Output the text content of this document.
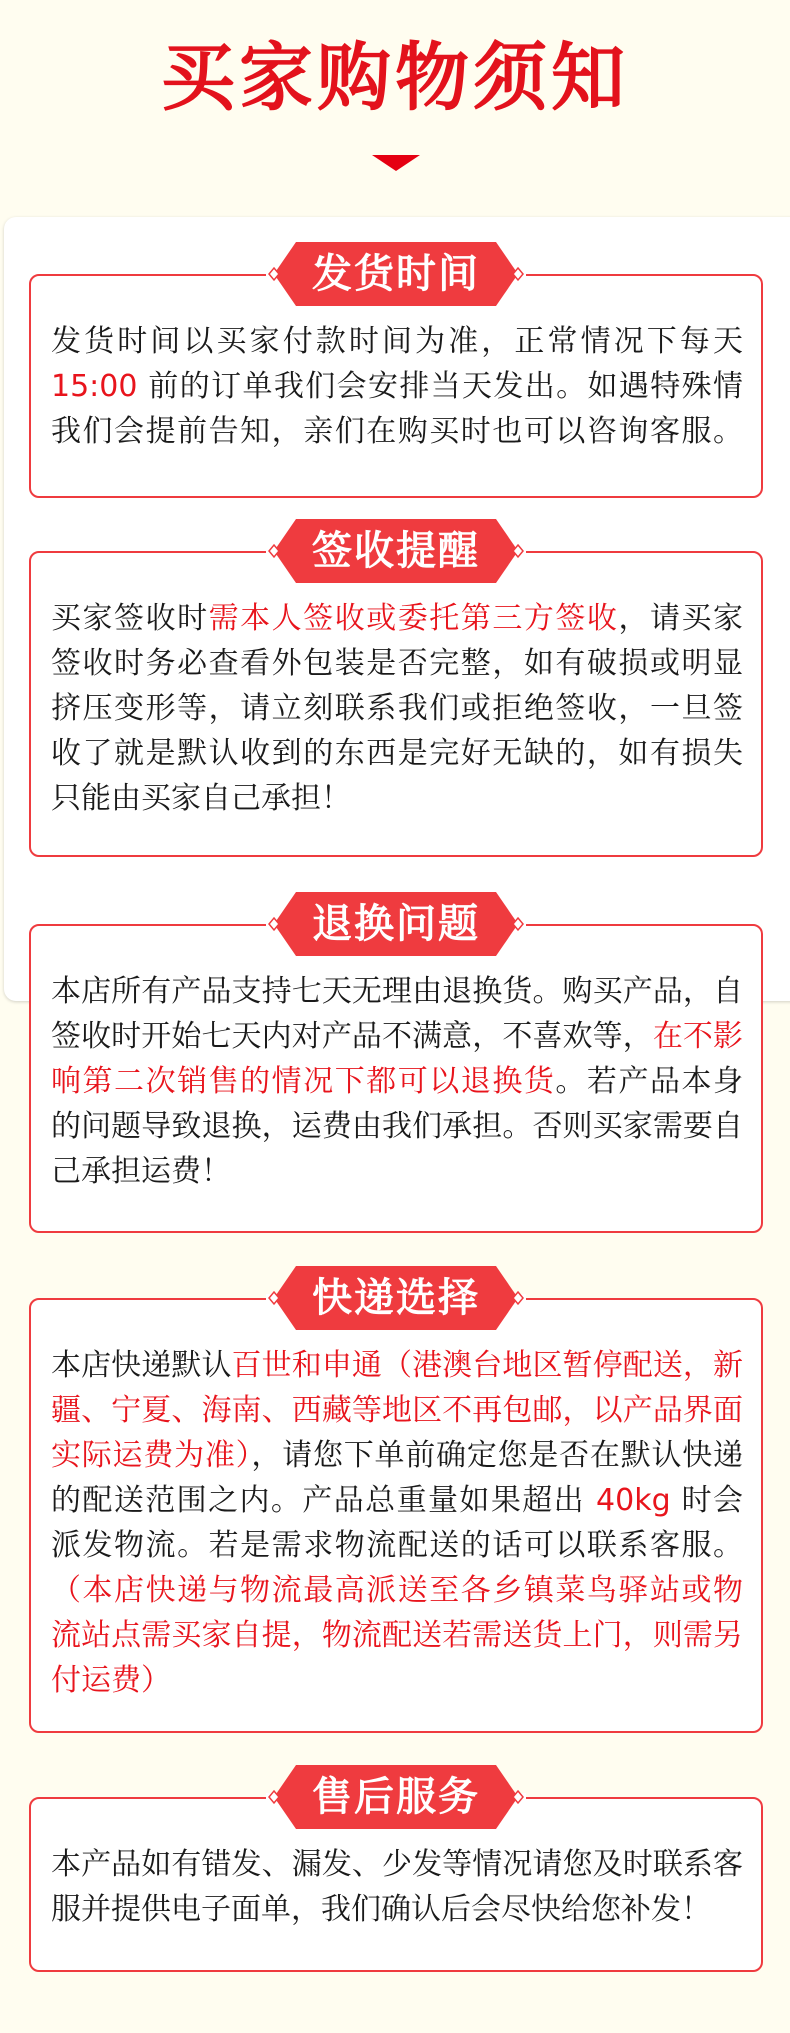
买家购物须知
发货时间
发货时间以买家付款时间为准，正常情况下每天
15:00 前的订单我们会安排当天发出。如遇特殊情
我们会提前告知，亲们在购买时也可以咨询客服。
签收提醒
买家签收时需本人签收或委托第三方签收，请买家
签收时务必查看外包装是否完整，如有破损或明显
挤压变形等，请立刻联系我们或拒绝签收，一旦签
收了就是默认收到的东西是完好无缺的，如有损失
只能由买家自己承担！
退换问题
本店所有产品支持七天无理由退换货。购买产品，自
签收时开始七天内对产品不满意，不喜欢等，在不影
响第二次销售的情况下都可以退换货。若产品本身
的问题导致退换，运费由我们承担。否则买家需要自
己承担运费！
快递选择
本店快递默认百世和申通（港澳台地区暂停配送，新
疆、宁夏、海南、西藏等地区不再包邮，以产品界面
实际运费为准），请您下单前确定您是否在默认快递
的配送范围之内。产品总重量如果超出 40kg 时会
派发物流。若是需求物流配送的话可以联系客服。
（本店快递与物流最高派送至各乡镇菜鸟驿站或物
流站点需买家自提，物流配送若需送货上门，则需另
付运费）
售后服务
本产品如有错发、漏发、少发等情况请您及时联系客
服并提供电子面单，我们确认后会尽快给您补发！
